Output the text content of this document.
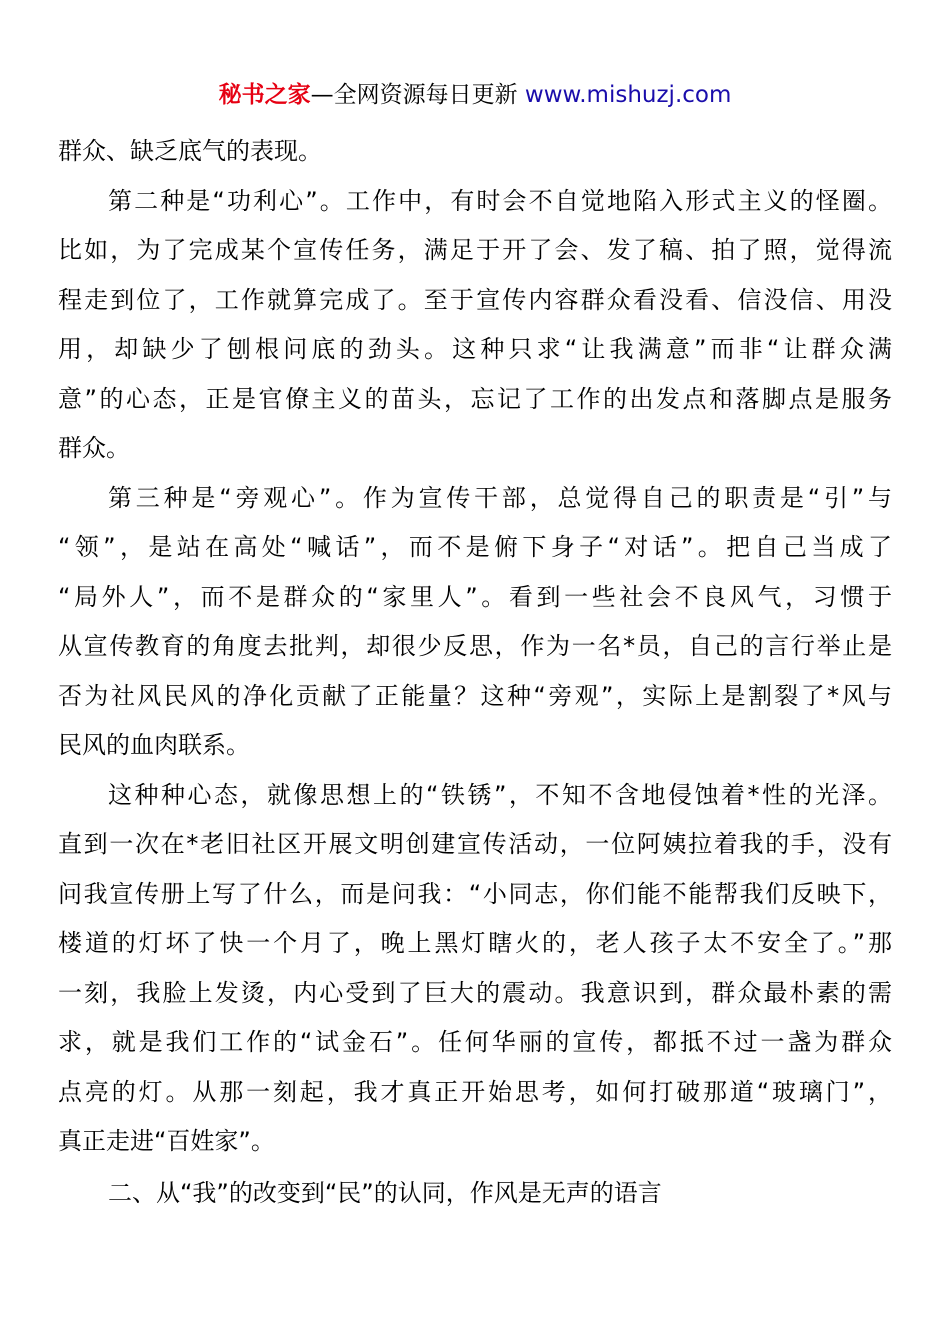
秘书之家—全网资源每日更新 www.mishuzj.com
群众、缺乏底气的表现。
第二种是“功利心”。工作中，有时会不自觉地陷入形式主义的怪圈。
比如，为了完成某个宣传任务，满足于开了会、发了稿、拍了照，觉得流
程走到位了，工作就算完成了。至于宣传内容群众看没看、信没信、用没
用，却缺少了刨根问底的劲头。这种只求“让我满意”而非“让群众满
意”的心态，正是官僚主义的苗头，忘记了工作的出发点和落脚点是服务
群众。
第三种是“旁观心”。作为宣传干部，总觉得自己的职责是“引”与
“领”，是站在高处“喊话”，而不是俯下身子“对话”。把自己当成了
“局外人”，而不是群众的“家里人”。看到一些社会不良风气，习惯于
从宣传教育的角度去批判，却很少反思，作为一名*员，自己的言行举止是
否为社风民风的净化贡献了正能量？这种“旁观”，实际上是割裂了*风与
民风的血肉联系。
这种种心态，就像思想上的“铁锈”，不知不含地侵蚀着*性的光泽。
直到一次在*老旧社区开展文明创建宣传活动，一位阿姨拉着我的手，没有
问我宣传册上写了什么，而是问我：“小同志，你们能不能帮我们反映下，
楼道的灯坏了快一个月了，晚上黑灯瞎火的，老人孩子太不安全了。”那
一刻，我脸上发烫，内心受到了巨大的震动。我意识到，群众最朴素的需
求，就是我们工作的“试金石”。任何华丽的宣传，都抵不过一盏为群众
点亮的灯。从那一刻起，我才真正开始思考，如何打破那道“玻璃门”，
真正走进“百姓家”。
二、从“我”的改变到“民”的认同，作风是无声的语言
